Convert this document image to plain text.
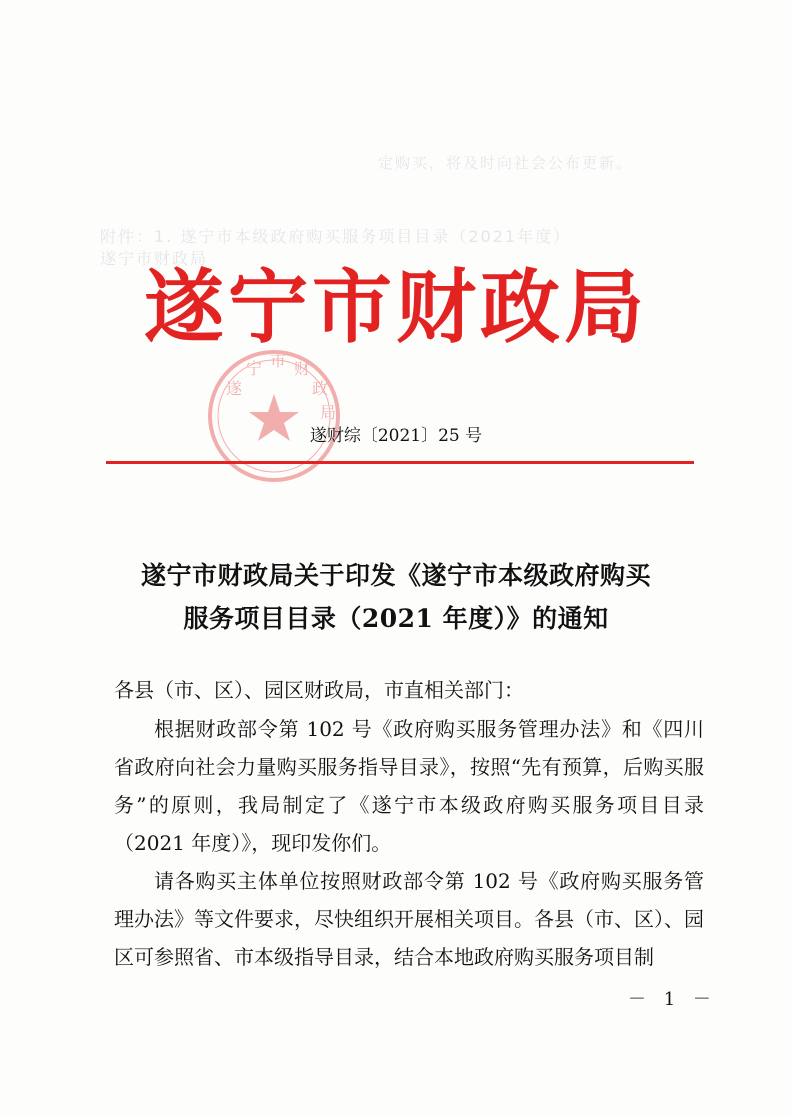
定购买，将及时向社会公布更新。
附件：1. 遂宁市本级政府购买服务项目目录（2021年度）
遂宁市财政局
遂宁市财政局
遂
宁 市 财
政
局
遂财综〔2021〕25 号
遂宁市财政局关于印发《遂宁市本级政府购买
服务项目目录（2021 年度）》的通知
各县（市、区）、园区财政局，市直相关部门：
根据财政部令第 102 号《政府购买服务管理办法》和《四川省政府向社会力量购买服务指导目录》，按照“先有预算，后购买服务”的原则，我局制定了《遂宁市本级政府购买服务项目目录（2021 年度）》，现印发你们。
请各购买主体单位按照财政部令第 102 号《政府购买服务管理办法》等文件要求，尽快组织开展相关项目。各县（市、区）、园区可参照省、市本级指导目录，结合本地政府购买服务项目制
－ 1 －
